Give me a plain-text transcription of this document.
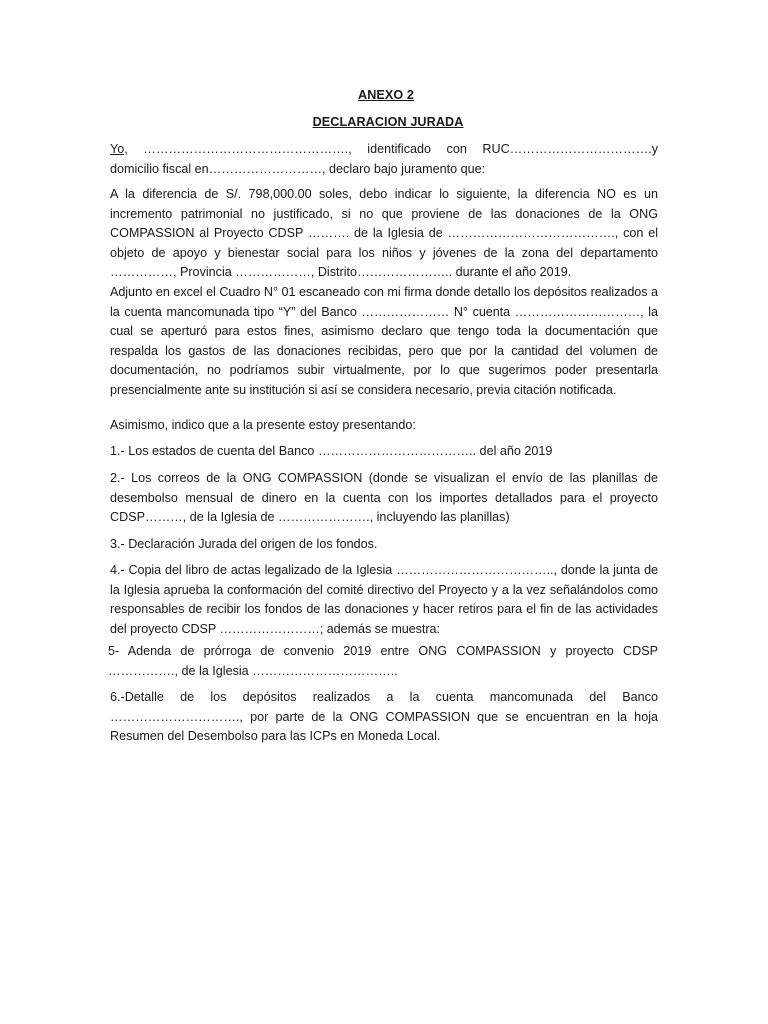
ANEXO 2
DECLARACION JURADA

Yo, …………………………………………., identificado con RUC…………………………….y domicilio fiscal en………………………, declaro bajo juramento que:

A la diferencia de S/. 798,000.00 soles, debo indicar lo siguiente, la diferencia NO es un incremento patrimonial no justificado, si no que proviene de las donaciones de la ONG COMPASSION al Proyecto CDSP ………. de la Iglesia de …………………………………., con el objeto de apoyo y bienestar social para los niños y jóvenes de la zona del departamento ……………, Provincia ………………, Distrito………………….. durante el año 2019.

Adjunto en excel el Cuadro N° 01 escaneado con mi firma donde detallo los depósitos realizados a la cuenta mancomunada tipo “Y” del Banco ………………… N° cuenta …………………………, la cual se aperturó para estos fines, asimismo declaro que tengo toda la documentación que respalda los gastos de las donaciones recibidas, pero que por la cantidad del volumen de documentación, no podríamos subir virtualmente, por lo que sugerimos poder presentarla presencialmente ante su institución si así se considera necesario, previa citación notificada.

Asimismo, indico que a la presente estoy presentando:

1.- Los estados de cuenta del Banco ……………………………….. del año 2019

2.- Los correos de la ONG COMPASSION (donde se visualizan el envío de las planillas de desembolso mensual de dinero en la cuenta con los importes detallados para el proyecto CDSP………, de la Iglesia de …………………., incluyendo las planillas)

3.- Declaración Jurada del origen de los fondos.

4.- Copia del libro de actas legalizado de la Iglesia ……………………………….., donde la junta de la Iglesia aprueba la conformación del comité directivo del Proyecto y a la vez señalándolos como responsables de recibir los fondos de las donaciones y hacer retiros para el fin de las actividades del proyecto CDSP ……………………; además se muestra:

5- Adenda de prórroga de convenio 2019 entre ONG COMPASSION y proyecto CDSP ……………., de la Iglesia ……………………………..

6.-Detalle de los depósitos realizados a la cuenta mancomunada del Banco …………………………., por parte de la ONG COMPASSION que se encuentran en la hoja Resumen del Desembolso para las ICPs en Moneda Local.
